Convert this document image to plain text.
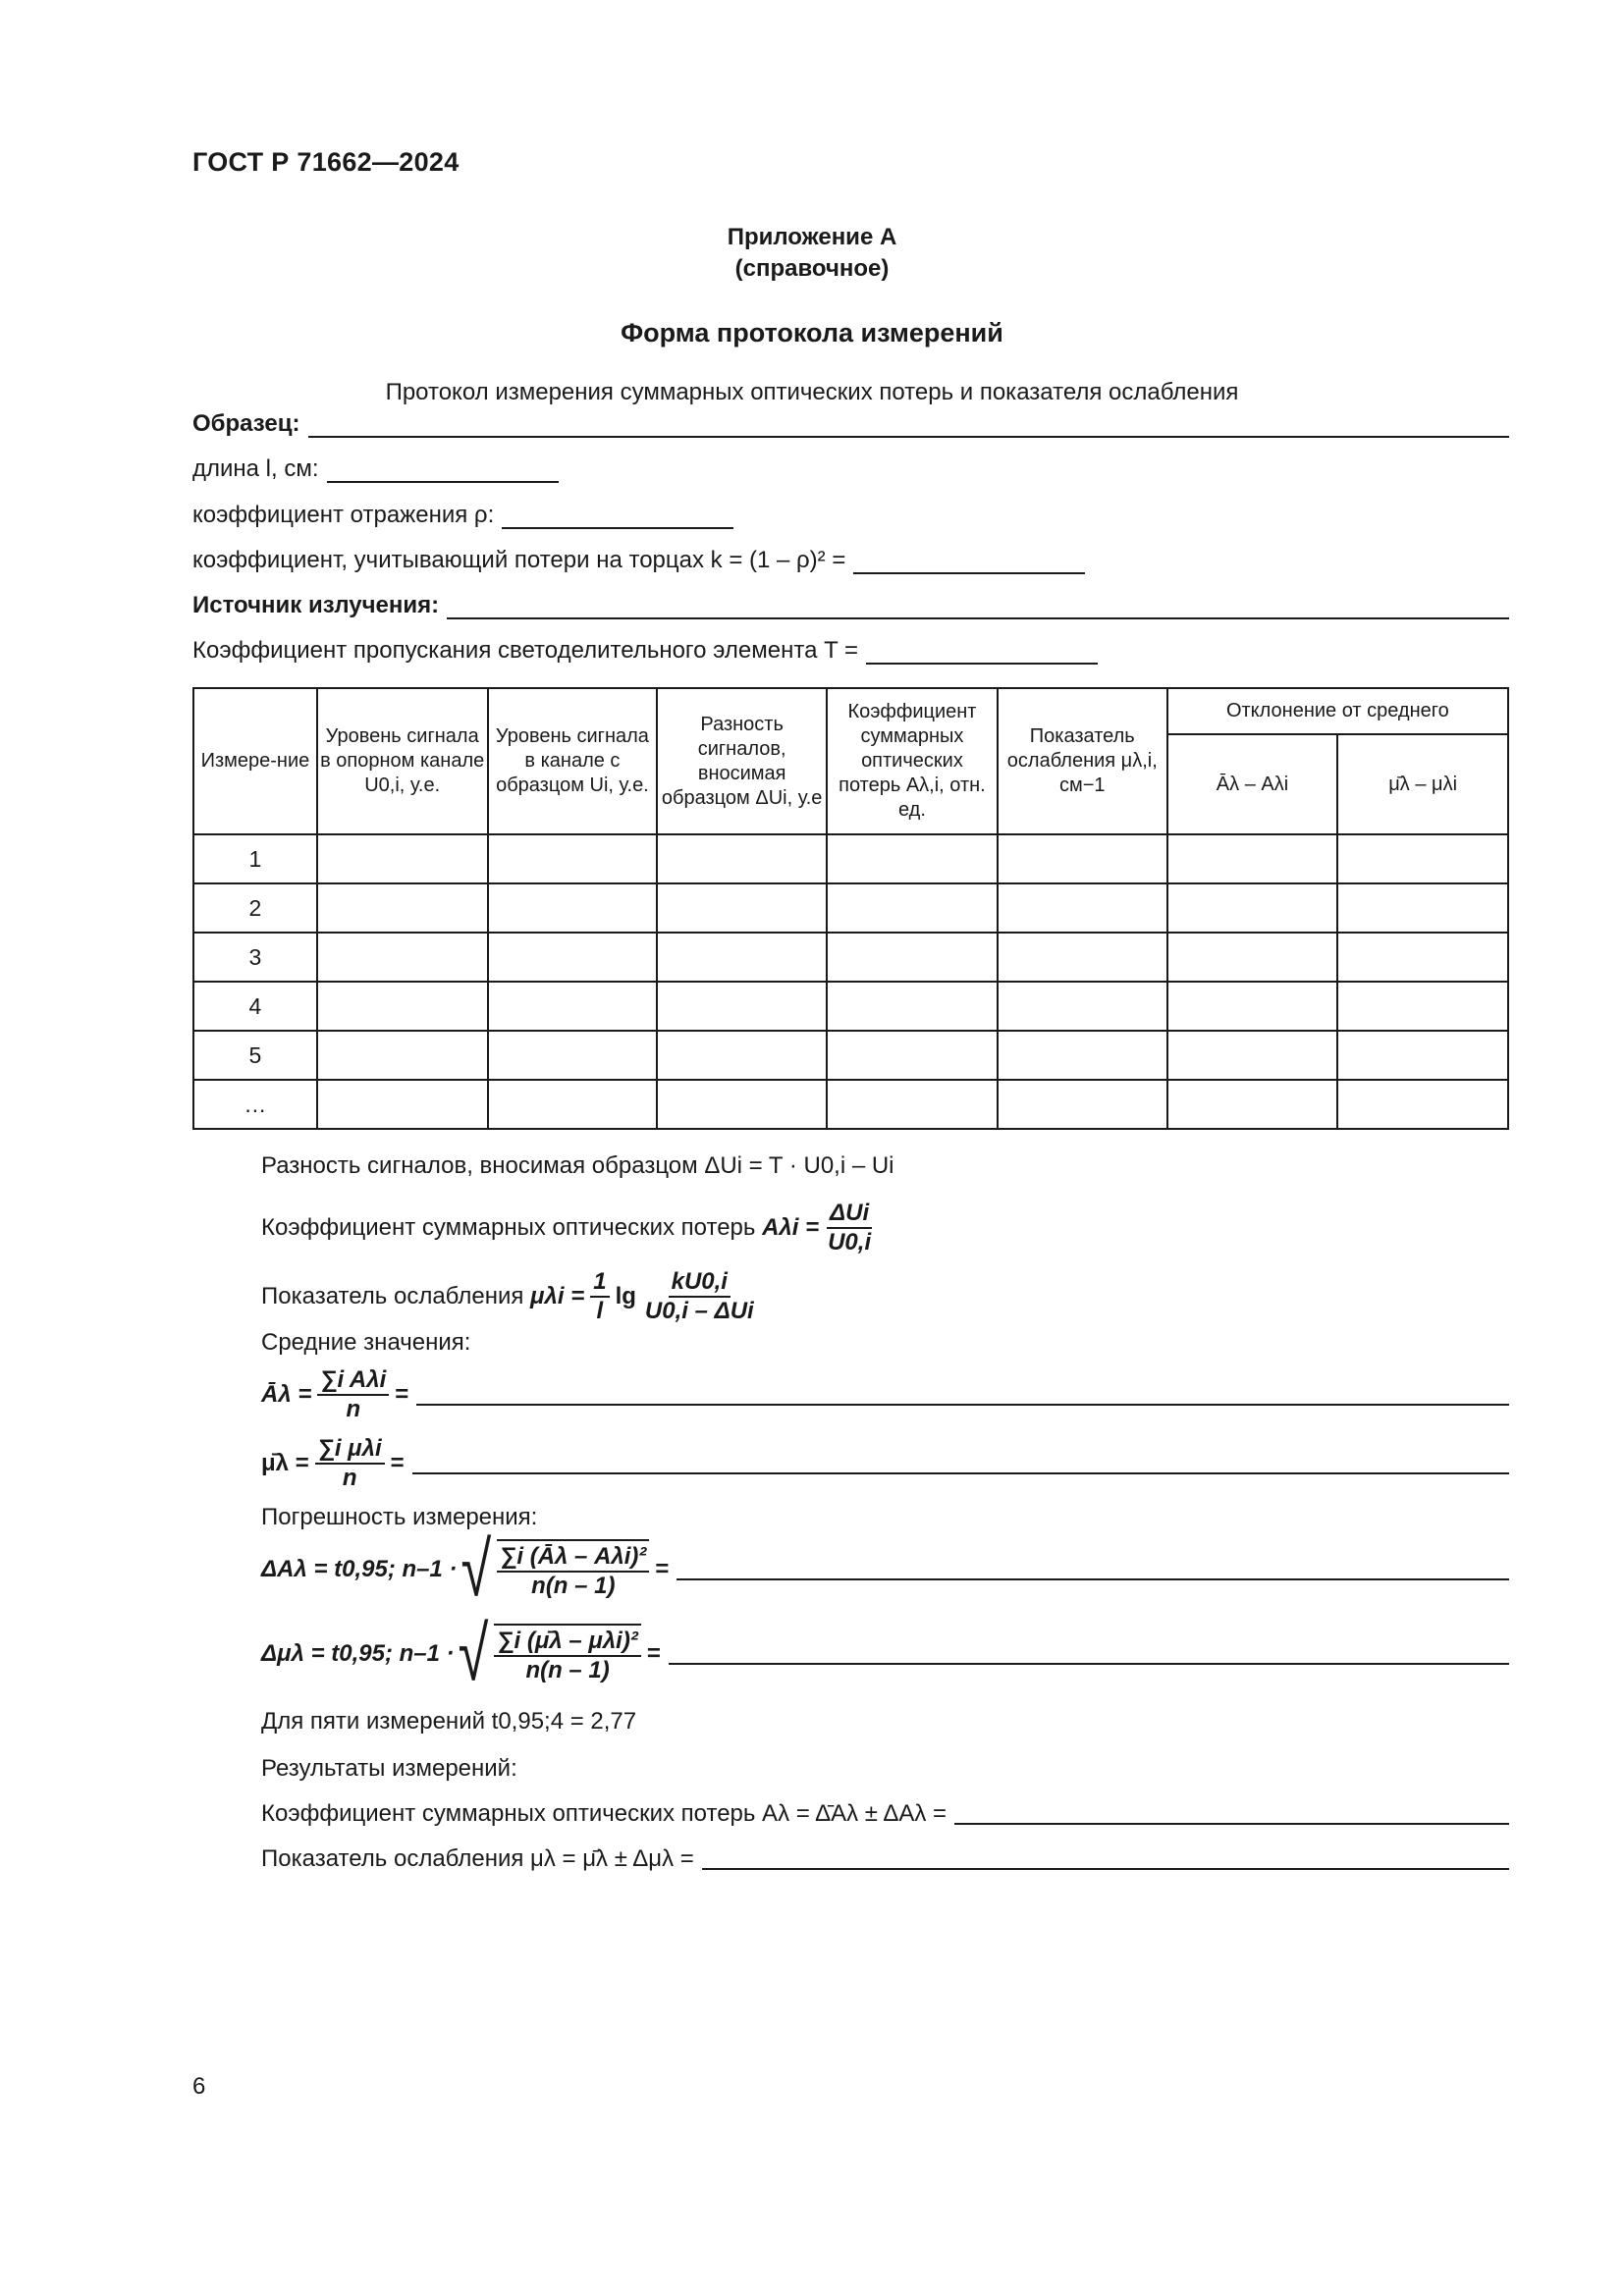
ГОСТ Р 71662—2024
Приложение А
(справочное)
Форма протокола измерений
Протокол измерения суммарных оптических потерь и показателя ослабления
Образец:
длина l, см:
коэффициент отражения ρ:
коэффициент, учитывающий потери на торцах k = (1 – ρ)² =
Источник излучения:
Коэффициент пропускания светоделительного элемента T =
Измере-ние	Уровень сигнала в опорном канале U0,i, у.е.	Уровень сигнала в канале с образцом Ui, у.е.	Разность сигналов, вносимая образцом ΔUi, у.е	Коэффициент суммарных оптических потерь Aλ,i, отн. ед.	Показатель ослабления μλ,i, см−1	Отклонение от среднего	
						Āλ – Aλi	μ̄λ – μλi
1							
2							
3							
4							
5							
…							
Разность сигналов, вносимая образцом ΔUi = T · U0,i – Ui
Коэффициент суммарных оптических потерь
$A\lambda i = \frac{\text{ΔUi}}{U0,i}$
Показатель ослабления
$\mu\lambda i = \frac{1}{l}$ $\lg \frac{kU0,i}{\text{U0,i – ΔUi}}$
Средние значения:
Āλ = $\frac{\text{∑i Aλi}}{n}$ =
μ̄λ = $\frac{\text{∑i μλi}}{n}$ =
Погрешность измерения:
ΔAλ = t0,95; n–1 · √ $\frac{\text{∑i (Āλ – Aλi)²}}{n(n - 1)}$ =
Δμλ = t0,95; n–1 · √ $\frac{\text{∑i (μ̄λ – μλi)²}}{n(n - 1)}$ =
Для пяти измерений t0,95;4 = 2,77
Результаты измерений:
Коэффициент суммарных оптических потерь Aλ = Δ̄Aλ ± ΔAλ =
Показатель ослабления μλ = μ̄λ ± Δμλ =
6
